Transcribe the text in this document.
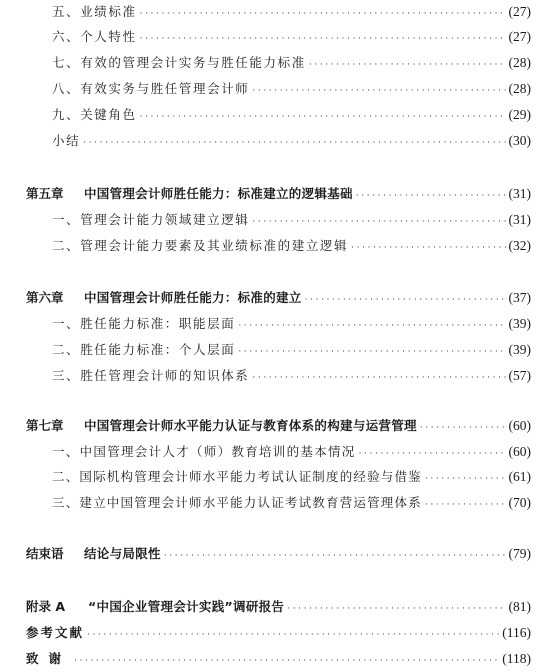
五、业绩标准 ·····	(27)
六、个人特性 ·····	(27)
七、有效的管理会计实务与胜任能力标准 ·····	(28)
八、有效实务与胜任管理会计师 ·····	(28)
九、关键角色 ·····	(29)
小结 ·····	(30)
第五章	中国管理会计师胜任能力：标准建立的逻辑基础 ·····	(31)
一、管理会计能力领域建立逻辑 ·····	(31)
二、管理会计能力要素及其业绩标准的建立逻辑 ·····	(32)
第六章	中国管理会计师胜任能力：标准的建立 ·····	(37)
一、胜任能力标准：职能层面 ·····	(39)
二、胜任能力标准：个人层面 ·····	(39)
三、胜任管理会计师的知识体系 ·····	(57)
第七章	中国管理会计师水平能力认证与教育体系的构建与运营管理 ·····	(60)
一、中国管理会计人才（师）教育培训的基本情况 ·····	(60)
二、国际机构管理会计师水平能力考试认证制度的经验与借鉴 ·····	(61)
三、建立中国管理会计师水平能力认证考试教育营运管理体系 ·····	(70)
结束语	结论与局限性 ·····	(79)
附录 A	“中国企业管理会计实践”调研报告 ·····	(81)
参考文献 ·····	(116)
致谢 ·····	(118)
